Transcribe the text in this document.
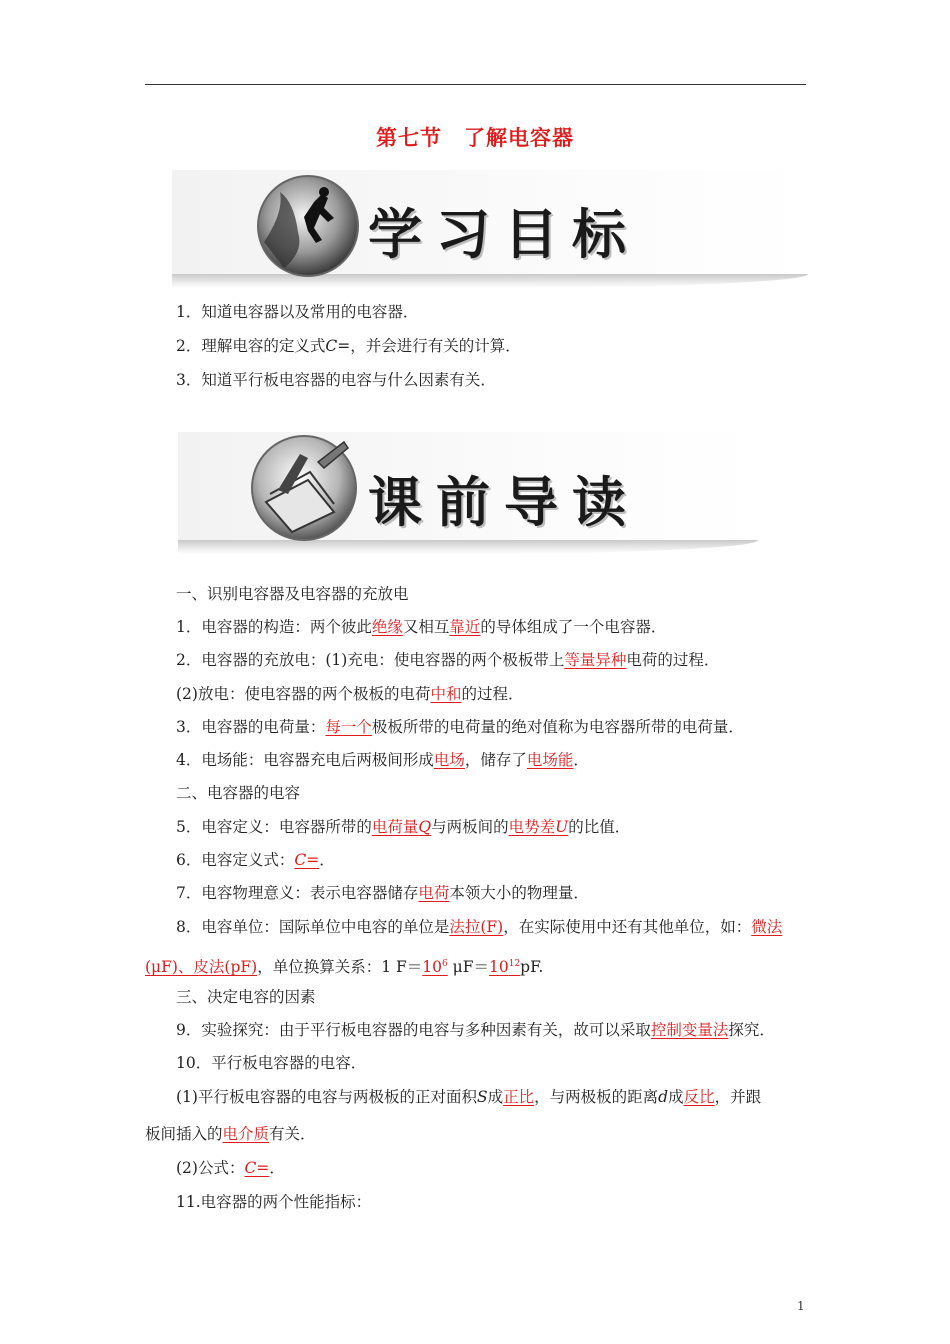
第七节　了解电容器
学习目标

1．知道电容器以及常用的电容器．

2．理解电容的定义式C=，并会进行有关的计算．

3．知道平行板电容器的电容与什么因素有关．

课前导读

一、识别电容器及电容器的充放电

1．电容器的构造：两个彼此绝缘又相互靠近的导体组成了一个电容器．

2．电容器的充放电：(1)充电：使电容器的两个极板带上等量异种电荷的过程．

(2)放电：使电容器的两个极板的电荷中和的过程．

3．电容器的电荷量：每一个极板所带的电荷量的绝对值称为电容器所带的电荷量．

4．电场能：电容器充电后两极间形成电场，储存了电场能．

二、电容器的电容

5．电容定义：电容器所带的电荷量Q与两板间的电势差U的比值．

6．电容定义式：C=．

7．电容物理意义：表示电容器储存电荷本领大小的物理量．

8．电容单位：国际单位中电容的单位是法拉(F)，在实际使用中还有其他单位，如：微法

(μF)、皮法(pF)，单位换算关系：1 $F=10^6$ $\mu F=10^{12}pF$.

三、决定电容的因素

9．实验探究：由于平行板电容器的电容与多种因素有关，故可以采取控制变量法探究．

10．平行板电容器的电容．

(1)平行板电容器的电容与两极板的正对面积S成正比，与两极板的距离d成反比，并跟

板间插入的电介质有关．

(2)公式：C=．

11.电容器的两个性能指标：

1
